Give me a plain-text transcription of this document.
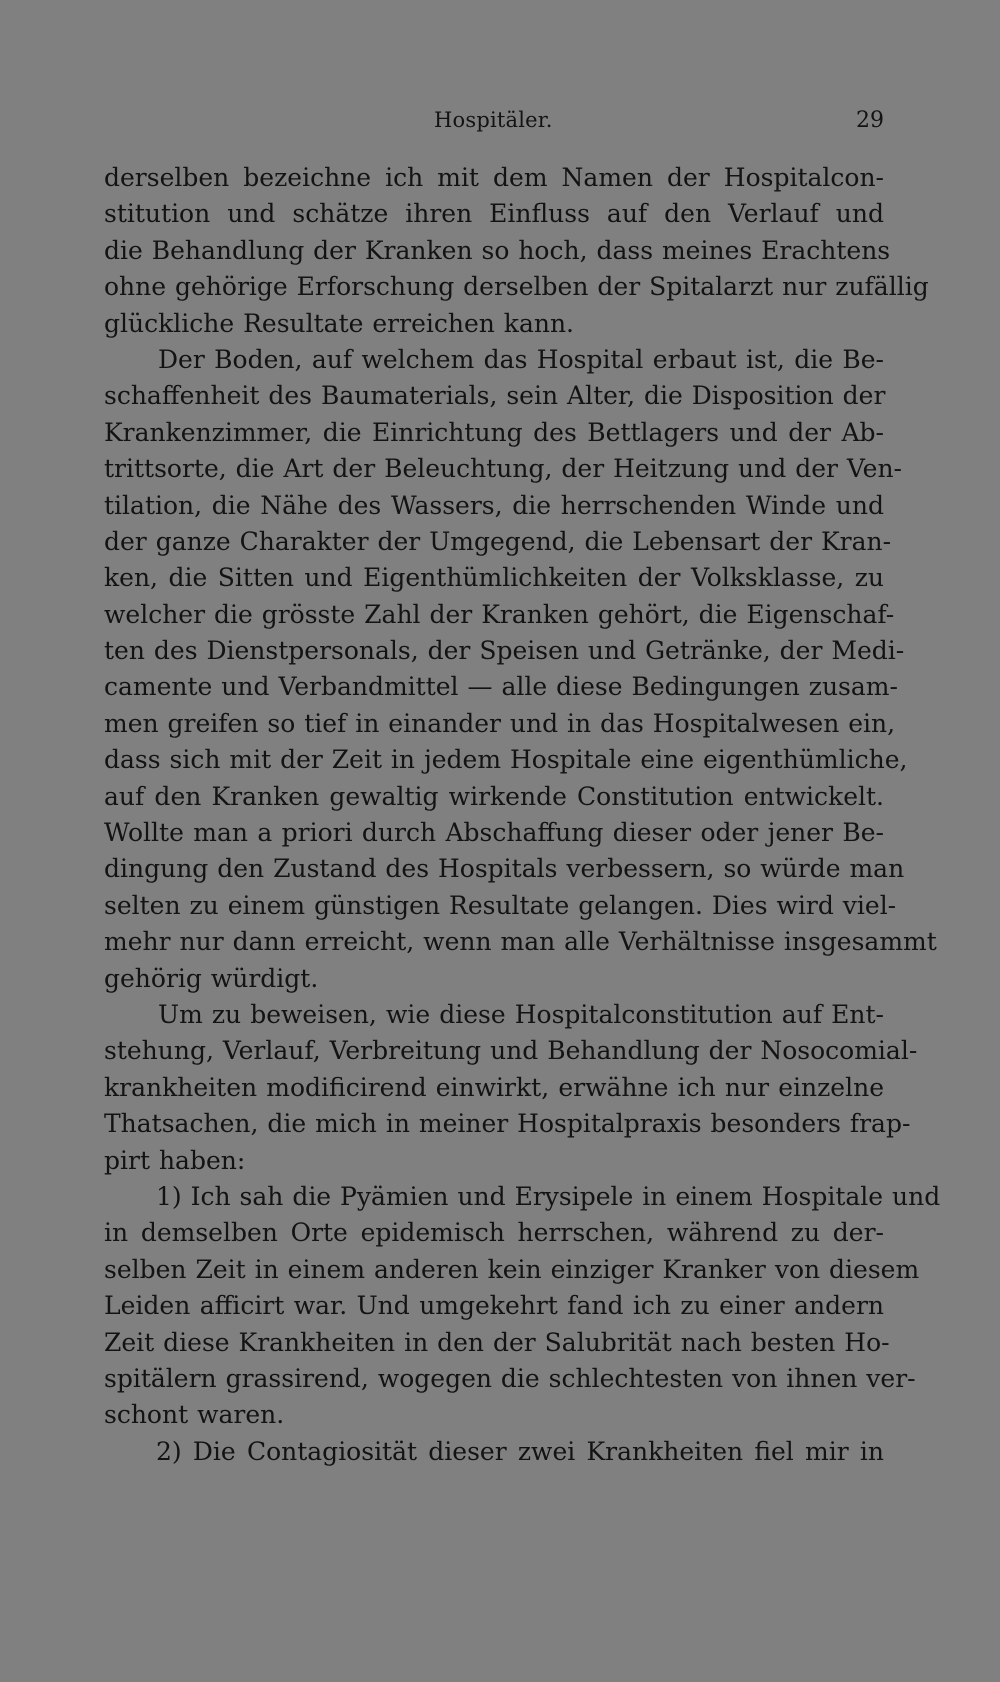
Hospitäler.	29
derselben bezeichne ich mit dem Namen der Hospitalcon-
stitution und schätze ihren Einfluss auf den Verlauf und
die Behandlung der Kranken so hoch, dass meines Erachtens
ohne gehörige Erforschung derselben der Spitalarzt nur zufällig
glückliche Resultate erreichen kann.
Der Boden, auf welchem das Hospital erbaut ist, die Be-
schaffenheit des Baumaterials, sein Alter, die Disposition der
Krankenzimmer, die Einrichtung des Bettlagers und der Ab-
trittsorte, die Art der Beleuchtung, der Heitzung und der Ven-
tilation, die Nähe des Wassers, die herrschenden Winde und
der ganze Charakter der Umgegend, die Lebensart der Kran-
ken, die Sitten und Eigenthümlichkeiten der Volksklasse, zu
welcher die grösste Zahl der Kranken gehört, die Eigenschaf-
ten des Dienstpersonals, der Speisen und Getränke, der Medi-
camente und Verbandmittel — alle diese Bedingungen zusam-
men greifen so tief in einander und in das Hospitalwesen ein,
dass sich mit der Zeit in jedem Hospitale eine eigenthümliche,
auf den Kranken gewaltig wirkende Constitution entwickelt.
Wollte man a priori durch Abschaffung dieser oder jener Be-
dingung den Zustand des Hospitals verbessern, so würde man
selten zu einem günstigen Resultate gelangen. Dies wird viel-
mehr nur dann erreicht, wenn man alle Verhältnisse insgesammt
gehörig würdigt.
Um zu beweisen, wie diese Hospitalconstitution auf Ent-
stehung, Verlauf, Verbreitung und Behandlung der Nosocomial-
krankheiten modificirend einwirkt, erwähne ich nur einzelne
Thatsachen, die mich in meiner Hospitalpraxis besonders frap-
pirt haben:
1) Ich sah die Pyämien und Erysipele in einem Hospitale und
in demselben Orte epidemisch herrschen, während zu der-
selben Zeit in einem anderen kein einziger Kranker von diesem
Leiden afficirt war. Und umgekehrt fand ich zu einer andern
Zeit diese Krankheiten in den der Salubrität nach besten Ho-
spitälern grassirend, wogegen die schlechtesten von ihnen ver-
schont waren.
2) Die Contagiosität dieser zwei Krankheiten fiel mir in
